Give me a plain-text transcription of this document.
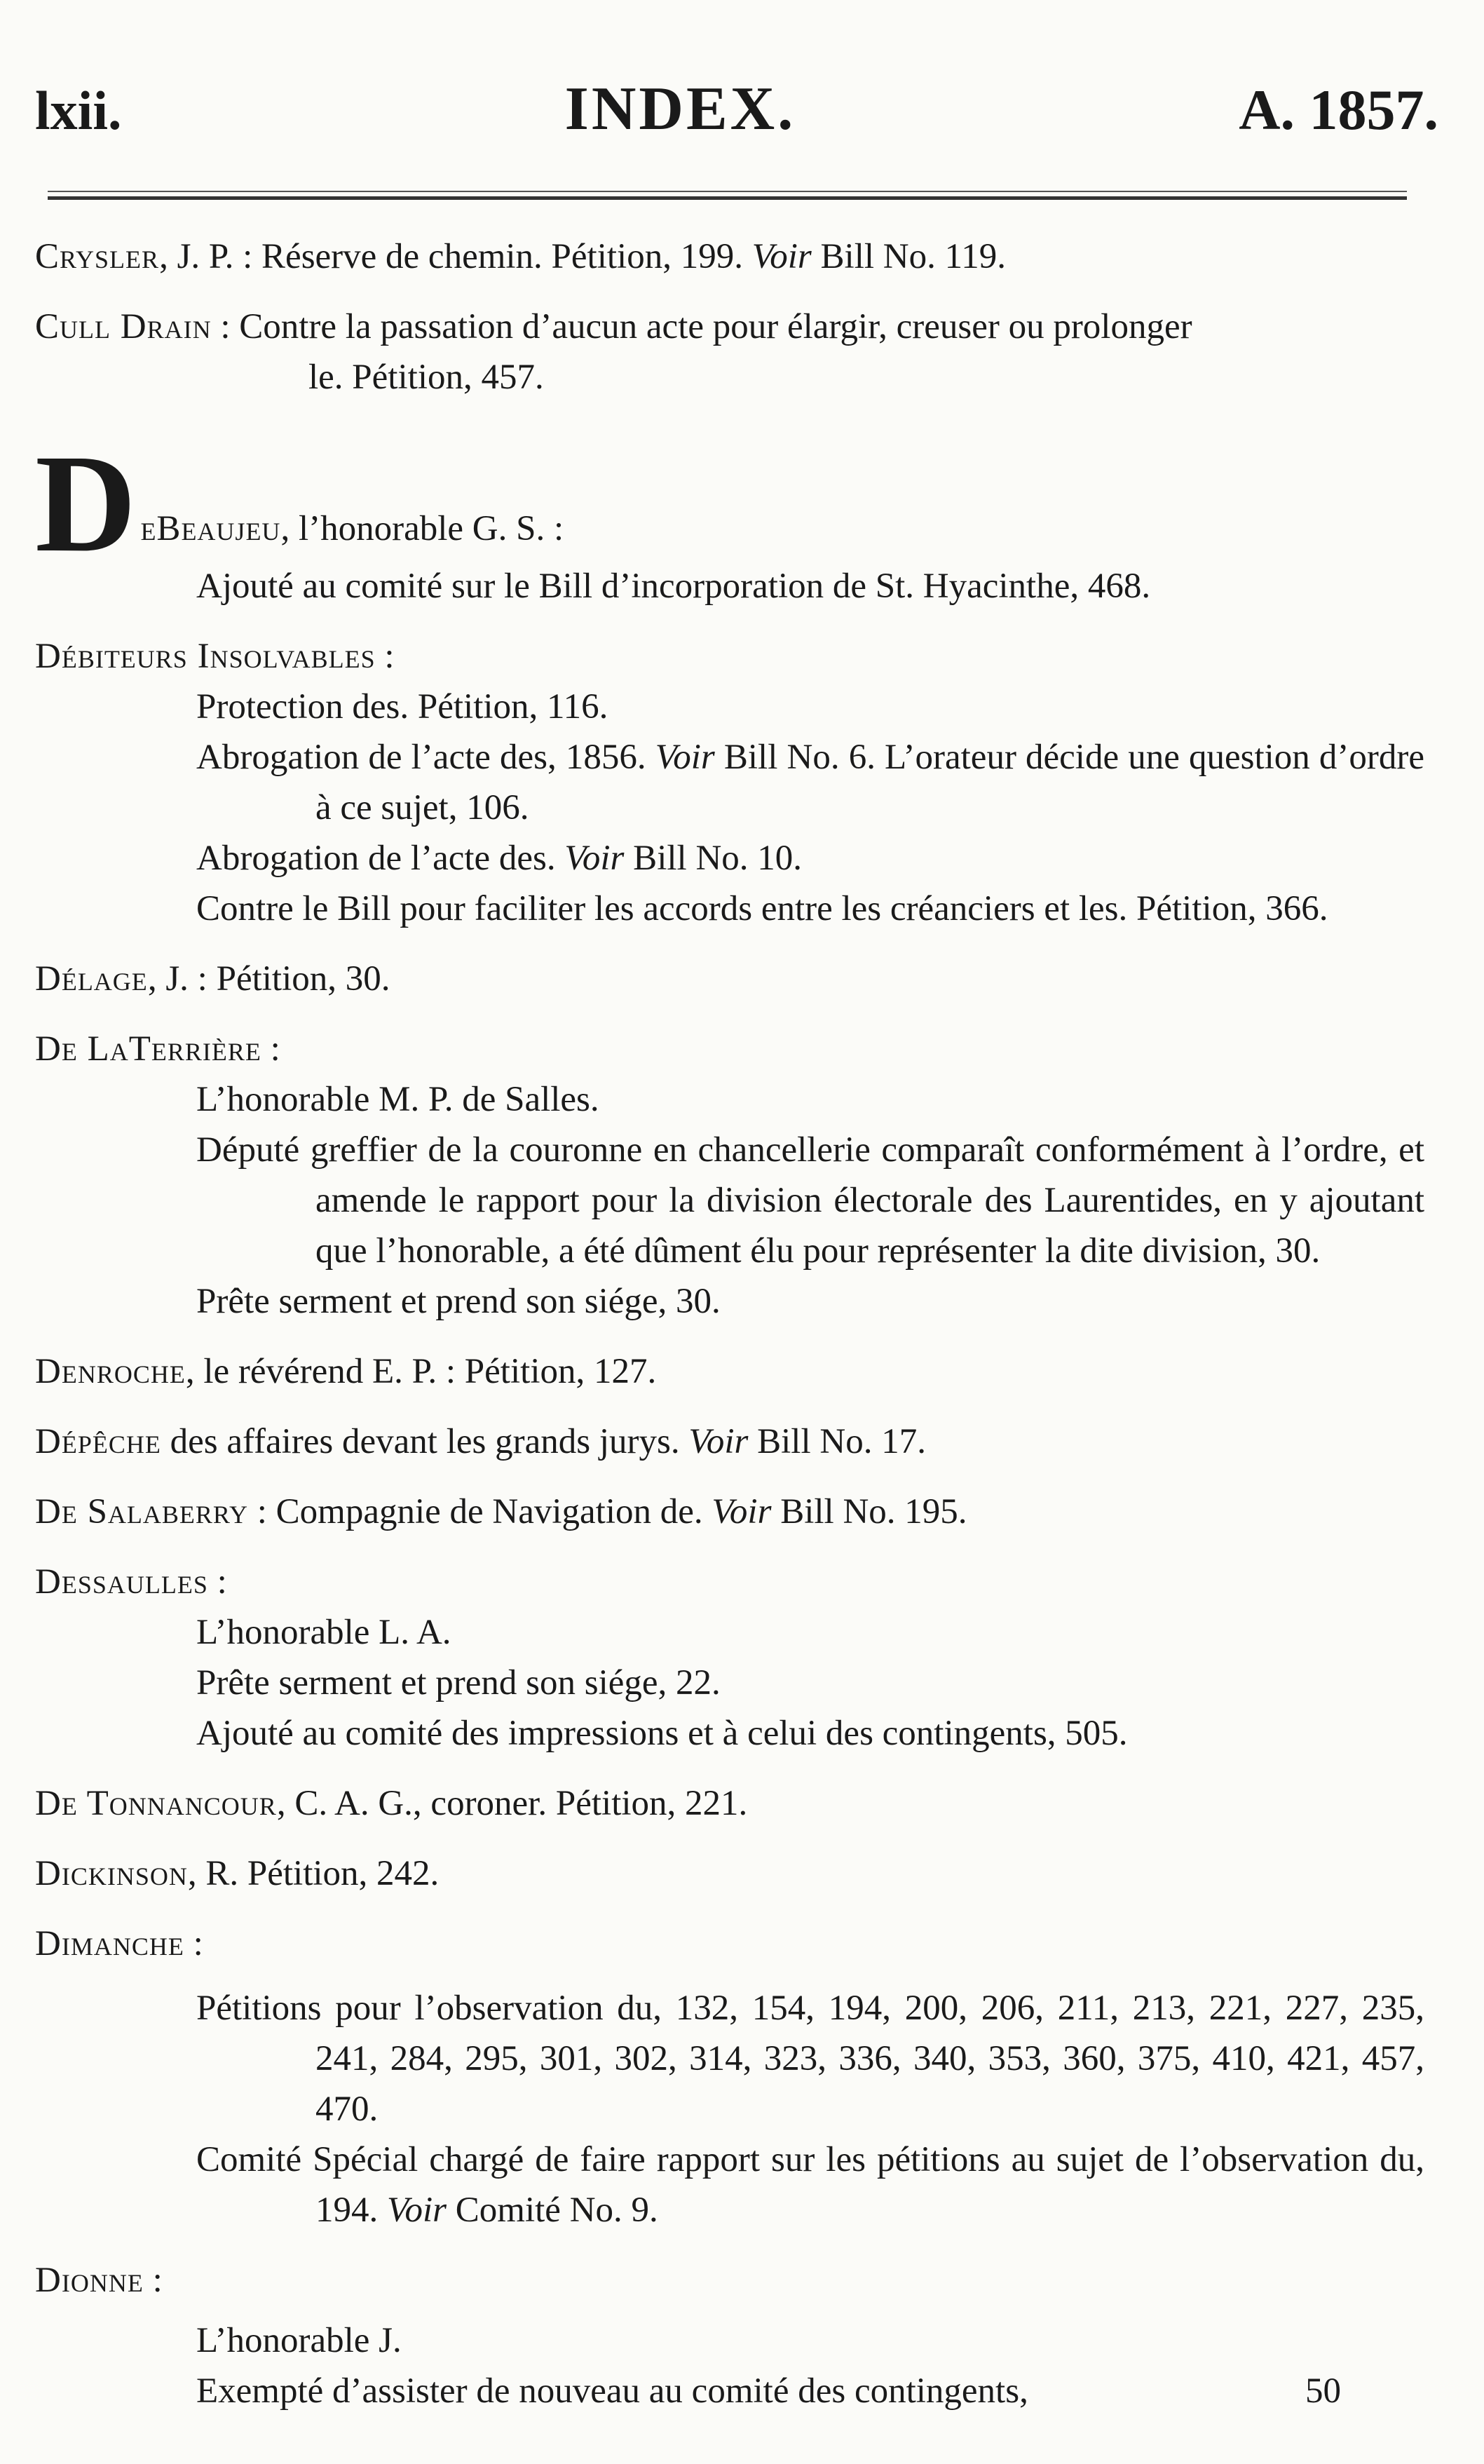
lxii.	INDEX.	A. 1857.
Crysler, J. P. : Réserve de chemin. Pétition, 199. Voir Bill No. 119.
Cull Drain : Contre la passation d’aucun acte pour élargir, creuser ou prolonger
le. Pétition, 457.
D eBeaujeu, l’honorable G. S. :

Ajouté au comité sur le Bill d’incorporation de St. Hyacinthe, 468.

Débiteurs Insolvables :

Protection des. Pétition, 116.

Abrogation de l’acte des, 1856. Voir Bill No. 6. L’orateur décide une question d’ordre à ce sujet, 106.

Abrogation de l’acte des. Voir Bill No. 10.

Contre le Bill pour faciliter les accords entre les créanciers et les. Pétition, 366.

Délage, J. : Pétition, 30.
De LaTerrière :

L’honorable M. P. de Salles.

Député greffier de la couronne en chancellerie comparaît conformément à l’ordre, et amende le rapport pour la division électorale des Laurentides, en y ajoutant que l’honorable, a été dûment élu pour représenter la dite division, 30.

Prête serment et prend son siége, 30.

Denroche, le révérend E. P. : Pétition, 127.
Dépêche des affaires devant les grands jurys. Voir Bill No. 17.
De Salaberry : Compagnie de Navigation de. Voir Bill No. 195.
Dessaulles :

L’honorable L. A.

Prête serment et prend son siége, 22.

Ajouté au comité des impressions et à celui des contingents, 505.

De Tonnancour, C. A. G., coroner. Pétition, 221.
Dickinson, R. Pétition, 242.
Dimanche :

Pétitions pour l’observation du, 132, 154, 194, 200, 206, 211, 213, 221, 227, 235, 241, 284, 295, 301, 302, 314, 323, 336, 340, 353, 360, 375, 410, 421, 457, 470.

Comité Spécial chargé de faire rapport sur les pétitions au sujet de l’observation du, 194. Voir Comité No. 9.

Dionne :

L’honorable J.

Exempté d’assister de nouveau au comité des contingents,	50
